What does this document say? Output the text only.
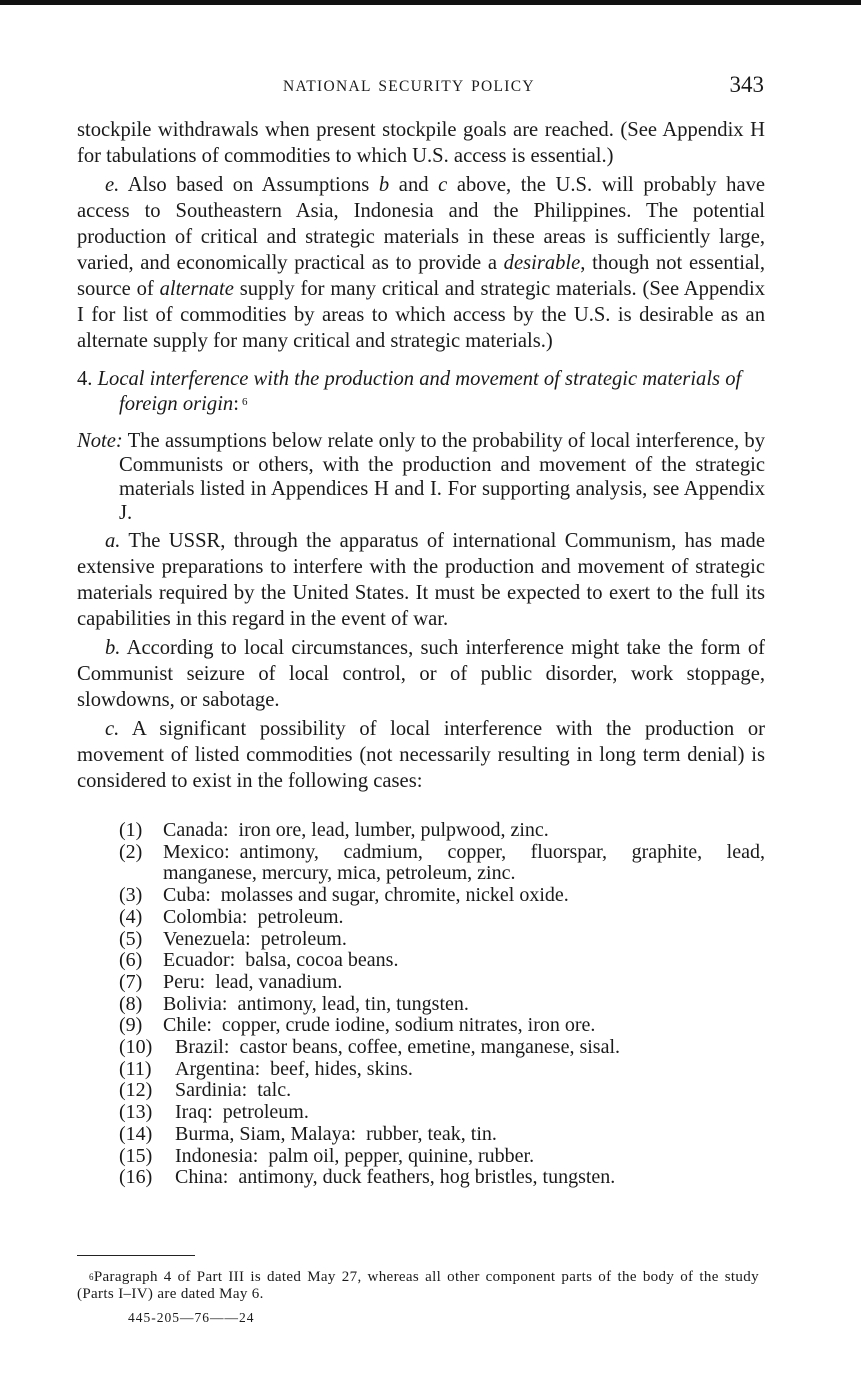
NATIONAL SECURITY POLICY	343

stockpile withdrawals when present stockpile goals are reached. (See Appendix H for tabulations of commodities to which U.S. access is essential.)

e. Also based on Assumptions b and c above, the U.S. will probably have access to Southeastern Asia, Indonesia and the Philippines. The potential production of critical and strategic materials in these areas is sufficiently large, varied, and economically practical as to provide a desirable, though not essential, source of alternate supply for many critical and strategic materials. (See Appendix I for list of commodities by areas to which access by the U.S. is desirable as an alternate supply for many critical and strategic materials.)

4. Local interference with the production and movement of strategic materials of foreign origin: $^6$

Note: The assumptions below relate only to the probability of local interference, by Communists or others, with the production and movement of the strategic materials listed in Appendices H and I. For supporting analysis, see Appendix J.

a. The USSR, through the apparatus of international Communism, has made extensive preparations to interfere with the production and movement of strategic materials required by the United States. It must be expected to exert to the full its capabilities in this regard in the event of war.

b. According to local circumstances, such interference might take the form of Communist seizure of local control, or of public disorder, work stoppage, slowdowns, or sabotage.

c. A significant possibility of local interference with the production or movement of listed commodities (not necessarily resulting in long term denial) is considered to exist in the following cases:

(1)	Canada: iron ore, lead, lumber, pulpwood, zinc.
(2)	Mexico: antimony, cadmium, copper, fluorspar, graphite, lead, manganese, mercury, mica, petroleum, zinc.
(3)	Cuba: molasses and sugar, chromite, nickel oxide.
(4)	Colombia: petroleum.
(5)	Venezuela: petroleum.
(6)	Ecuador: balsa, cocoa beans.
(7)	Peru: lead, vanadium.
(8)	Bolivia: antimony, lead, tin, tungsten.
(9)	Chile: copper, crude iodine, sodium nitrates, iron ore.
(10)	Brazil: castor beans, coffee, emetine, manganese, sisal.
(11)	Argentina: beef, hides, skins.
(12)	Sardinia: talc.
(13)	Iraq: petroleum.
(14)	Burma, Siam, Malaya: rubber, teak, tin.
(15)	Indonesia: palm oil, pepper, quinine, rubber.
(16)	China: antimony, duck feathers, hog bristles, tungsten.

$^6$Paragraph 4 of Part III is dated May 27, whereas all other component parts of the body of the study (Parts I–IV) are dated May 6.

445-205—76——24
